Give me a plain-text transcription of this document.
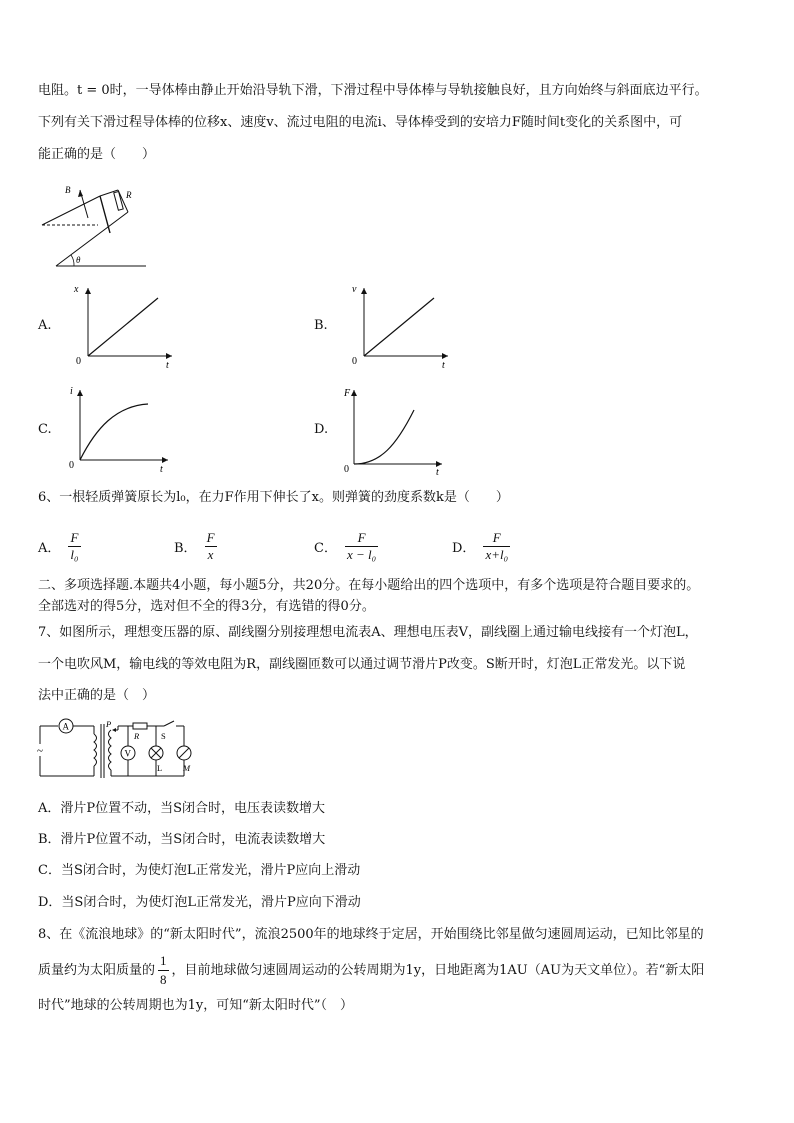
电阻。t = 0时，一导体棒由静止开始沿导轨下滑，下滑过程中导体棒与导轨接触良好，且方向始终与斜面底边平行。
下列有关下滑过程导体棒的位移x、速度v、流过电阻的电流i、导体棒受到的安培力F随时间t变化的关系图中，可
能正确的是（　　）
B	R
θ
A.
x
t
0
B.
v
t
0
C.
i
t
0
D.
F
t
0
6、一根轻质弹簧原长为l₀，在力F作用下伸长了x。则弹簧的劲度系数k是（　　）
A． $\frac{F}{\text{l₀}}$	B． $\frac{F}{x}$	C． $\frac{F}{\text{x − l₀}}$	D． $\frac{F}{\text{x+l₀}}$
二、多项选择题.本题共4小题，每小题5分，共20分。在每小题给出的四个选项中，有多个选项是符合题目要求的。
全部选对的得5分，选对但不全的得3分，有选错的得0分。
7、如图所示，理想变压器的原、副线圈分别接理想电流表A、理想电压表V，副线圈上通过输电线接有一个灯泡L，
一个电吹风M，输电线的等效电阻为R，副线圈匝数可以通过调节滑片P改变。S断开时，灯泡L正常发光。以下说
法中正确的是（　）
A
~
P
R	S
V
L M
A．滑片P位置不动，当S闭合时，电压表读数增大
B．滑片P位置不动，当S闭合时，电流表读数增大
C．当S闭合时，为使灯泡L正常发光，滑片P应向上滑动
D．当S闭合时，为使灯泡L正常发光，滑片P应向下滑动
8、在《流浪地球》的“新太阳时代”，流浪2500年的地球终于定居，开始围绕比邻星做匀速圆周运动，已知比邻星的
质量约为太阳质量的 $\frac{1}{8}$ ，目前地球做匀速圆周运动的公转周期为1y，日地距离为1AU（AU为天文单位）。若“新太阳
时代”地球的公转周期也为1y，可知“新太阳时代”（　）
